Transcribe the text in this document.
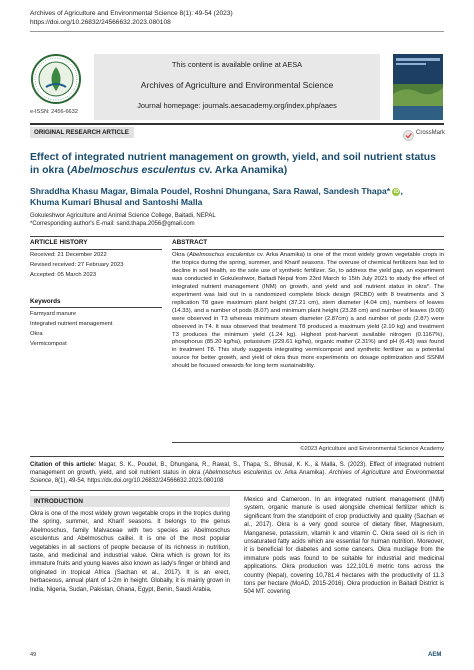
Archives of Agriculture and Environmental Science 8(1): 49-54 (2023)
https://doi.org/10.26832/24566632.2023.080108
This content is available online at AESA
Archives of Agriculture and Environmental Science
Journal homepage: journals.aesacademy.org/index.php/aaes
e-ISSN: 2456-6632
ORIGINAL RESEARCH ARTICLE	CrossMark
Effect of integrated nutrient management on growth, yield, and soil nutrient status in okra (Abelmoschus esculentus cv. Arka Anamika)
Shraddha Khasu Magar, Bimala Poudel, Roshni Dhungana, Sara Rawal, Sandesh Thapa* iD ,
Khuma Kumari Bhusal and Santoshi Malla
Gokuleshwor Agriculture and Animal Science College, Baitadi, NEPAL
*Corresponding author's E-mail: sand.thapa.2056@gmail.com
ARTICLE HISTORY	ABSTRACT
Received: 21 December 2022
Revised received: 27 February 2023
Accepted: 05 March 2023
Keywords
Farmyard manure
Integrated nutrient management
Okra
Vermicompost
Okra (Abelmoschus esculentus cv. Arka Anamika) is one of the most widely grown vegetable crops in the tropics during the spring, summer, and Kharif seasons. The overuse of chemical fertilizers has led to decline in soil health, so the sole use of synthetic fertilizer. So, to address the yield gap, an experiment was conducted in Gokuleshwor, Baitadi Nepal from 23rd March to 15th July 2021 to study the effect of integrated nutrient management (INM) on growth, and yield and soil nutrient status in okra*. The experiment was laid out in a randomized complete block design (RCBD) with 8 treatments and 3 replication T8 gave maximum plant height (37.21 cm), stem diameter (4.04 cm), numbers of leaves (14.33), and a number of pods (8.07) and minimum plant height (23.28 cm) and number of leaves (9.00) were observed in T3 whereas minimum steam diameter (2.87cm) a and number of pods (2.87) were observed in T4. It was observed that treatment T8 produced a maximum yield (2.10 kg) and treatment T3 produces the minimum yield (1.24 kg). Highest post-harvest available nitrogen (0.1167%), phosphorus (85.20 kg/ha), potassium (229.61 kg/ha), organic matter (2.31%) and pH (6.43) was found in treatment T8. This study suggests integrating vermicompost and synthetic fertilizer as a potential source for better growth, and yield of okra thus more experiments on dosage optimization and SSNM should be focused onwards for long term sustainability.
©2023 Agriculture and Environmental Science Academy
Citation of this article: Magar, S. K., Poudel, B., Dhungana, R., Rawal, S., Thapa, S., Bhusal, K. K., & Malla, S. (2023). Effect of integrated nutrient management on growth, yield, and soil nutrient status in okra (Abelmoschus esculentus cv. Arka Anamika). Archives of Agriculture and Environmental Science, 8(1), 49-54, https://dx.doi.org/10.26832/24566632.2023.080108
INTRODUCTION
Okra is one of the most widely grown vegetable crops in the tropics during the spring, summer, and Kharif seasons. It belongs to the genus Abelmoschus, family Malvaceae with two species as Abelmoschus esculentus and Abelmoschus caillei. It is one of the most popular vegetables in all sections of people because of its richness in nutrition, taste, and medicinal and industrial value. Okra which is grown for its immature fruits and young leaves also known as lady's finger or bhindi and originated in tropical Africa (Sachan et al., 2017). It is an erect, herbaceous, annual plant of 1-2m in height. Globally, it is mainly grown in India, Nigeria, Sudan, Pakistan, Ghana, Egypt, Benin, Saudi Arabia,
Mexico and Cameroon. In an integrated nutrient management (INM) system, organic manure is used alongside chemical fertilizer which is significant from the standpoint of crop productivity and quality (Sachan et al., 2017). Okra is a very good source of dietary fiber, Magnesium, Manganese, potassium, vitamin k and vitamin C. Okra seed oil is rich in unsaturated fatty acids which are essential for human nutrition. Moreover, it is beneficial for diabetes and some cancers. Okra mucilage from the immature pods was found to be suitable for industrial and medicinal applications. Okra production was 122,101.6 metric tons across the country (Nepal), covering 10,781.4 hectares with the productivity of 11.3 tons per hectare (MoAD, 2015-2016). Okra production in Baitadi District is 504 MT. covering
49	AEM
